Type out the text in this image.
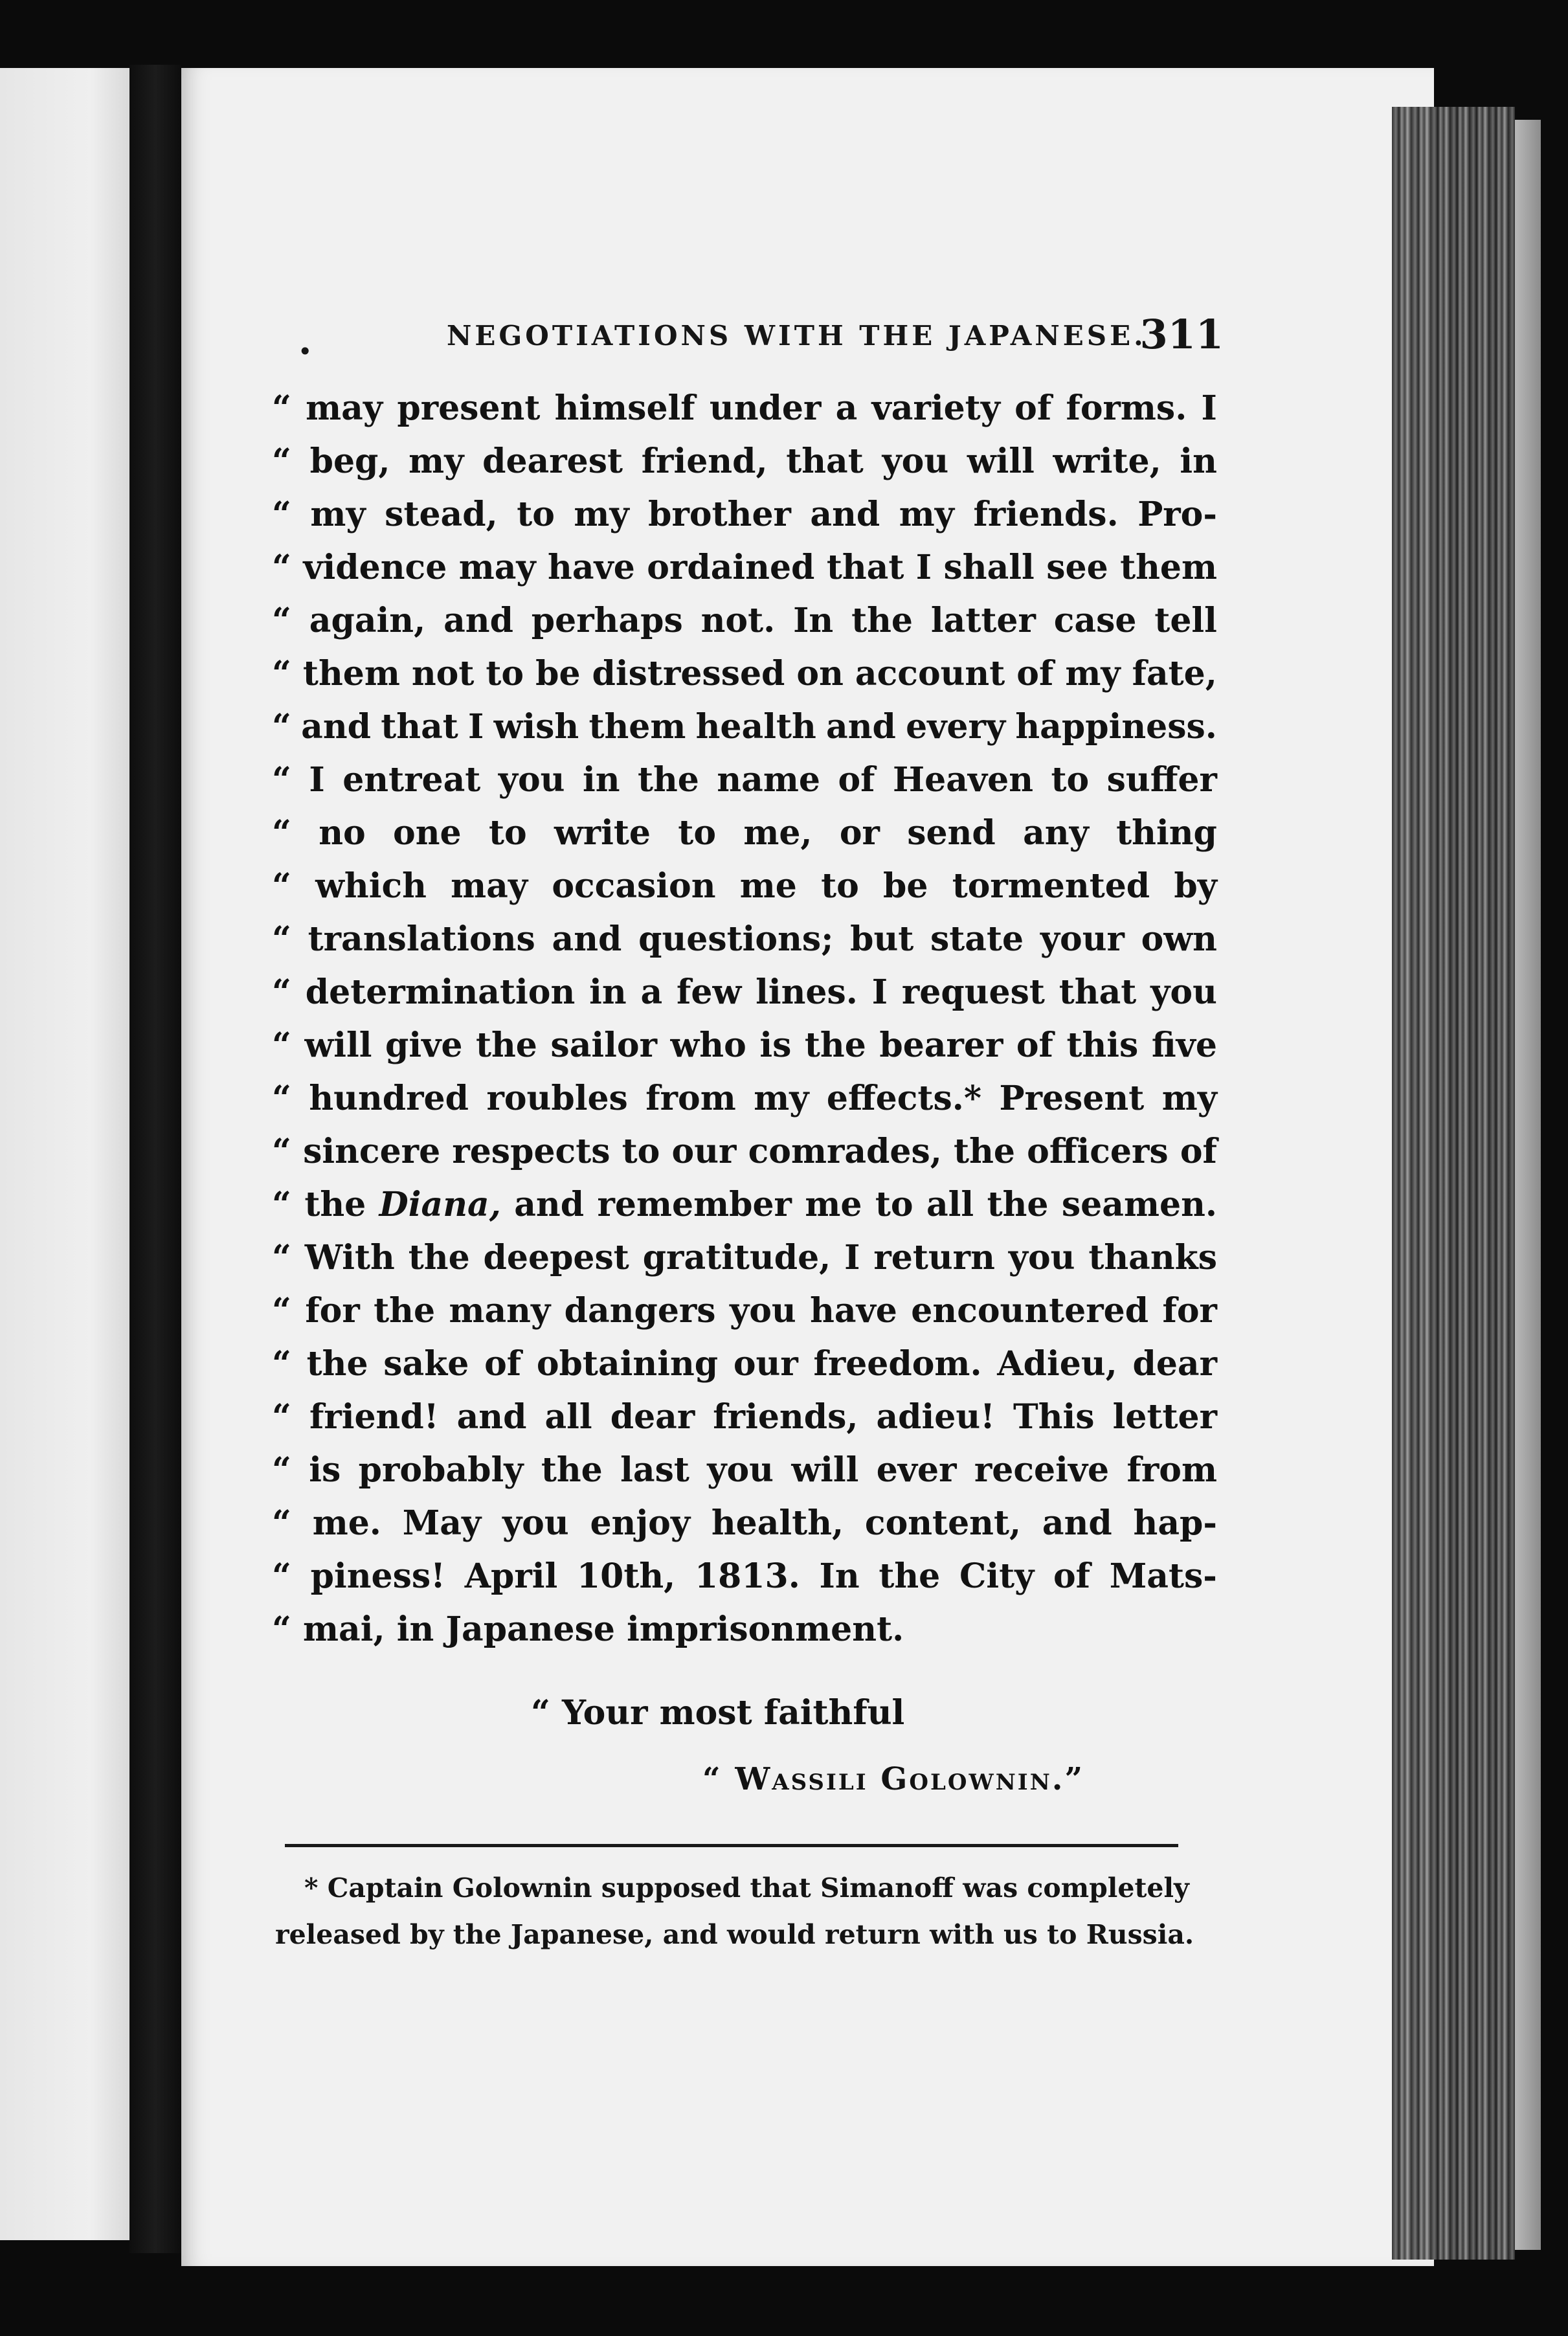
•	NEGOTIATIONS WITH THE JAPANESE.
311
“ may present himself under a variety of forms. I
“ beg, my dearest friend, that you will write, in
“ my stead, to my brother and my friends. Pro-
“ vidence may have ordained that I shall see them
“ again, and perhaps not. In the latter case tell
“ them not to be distressed on account of my fate,
“ and that I wish them health and every happiness.
“ I entreat you in the name of Heaven to suffer
“ no one to write to me, or send any thing
“ which may occasion me to be tormented by
“ translations and questions; but state your own
“ determination in a few lines. I request that you
“ will give the sailor who is the bearer of this five
“ hundred roubles from my effects.* Present my
“ sincere respects to our comrades, the officers of
“ the Diana, and remember me to all the seamen.
“ With the deepest gratitude, I return you thanks
“ for the many dangers you have encountered for
“ the sake of obtaining our freedom. Adieu, dear
“ friend! and all dear friends, adieu! This letter
“ is probably the last you will ever receive from
“ me. May you enjoy health, content, and hap-
“ piness! April 10th, 1813. In the City of Mats-
“
mai,
in
Japanese
imprisonment.
“ Your most faithful
“ Wassili Golownin.”
* Captain Golownin supposed that Simanoff was completely
released by the Japanese, and would return with us to Russia.
